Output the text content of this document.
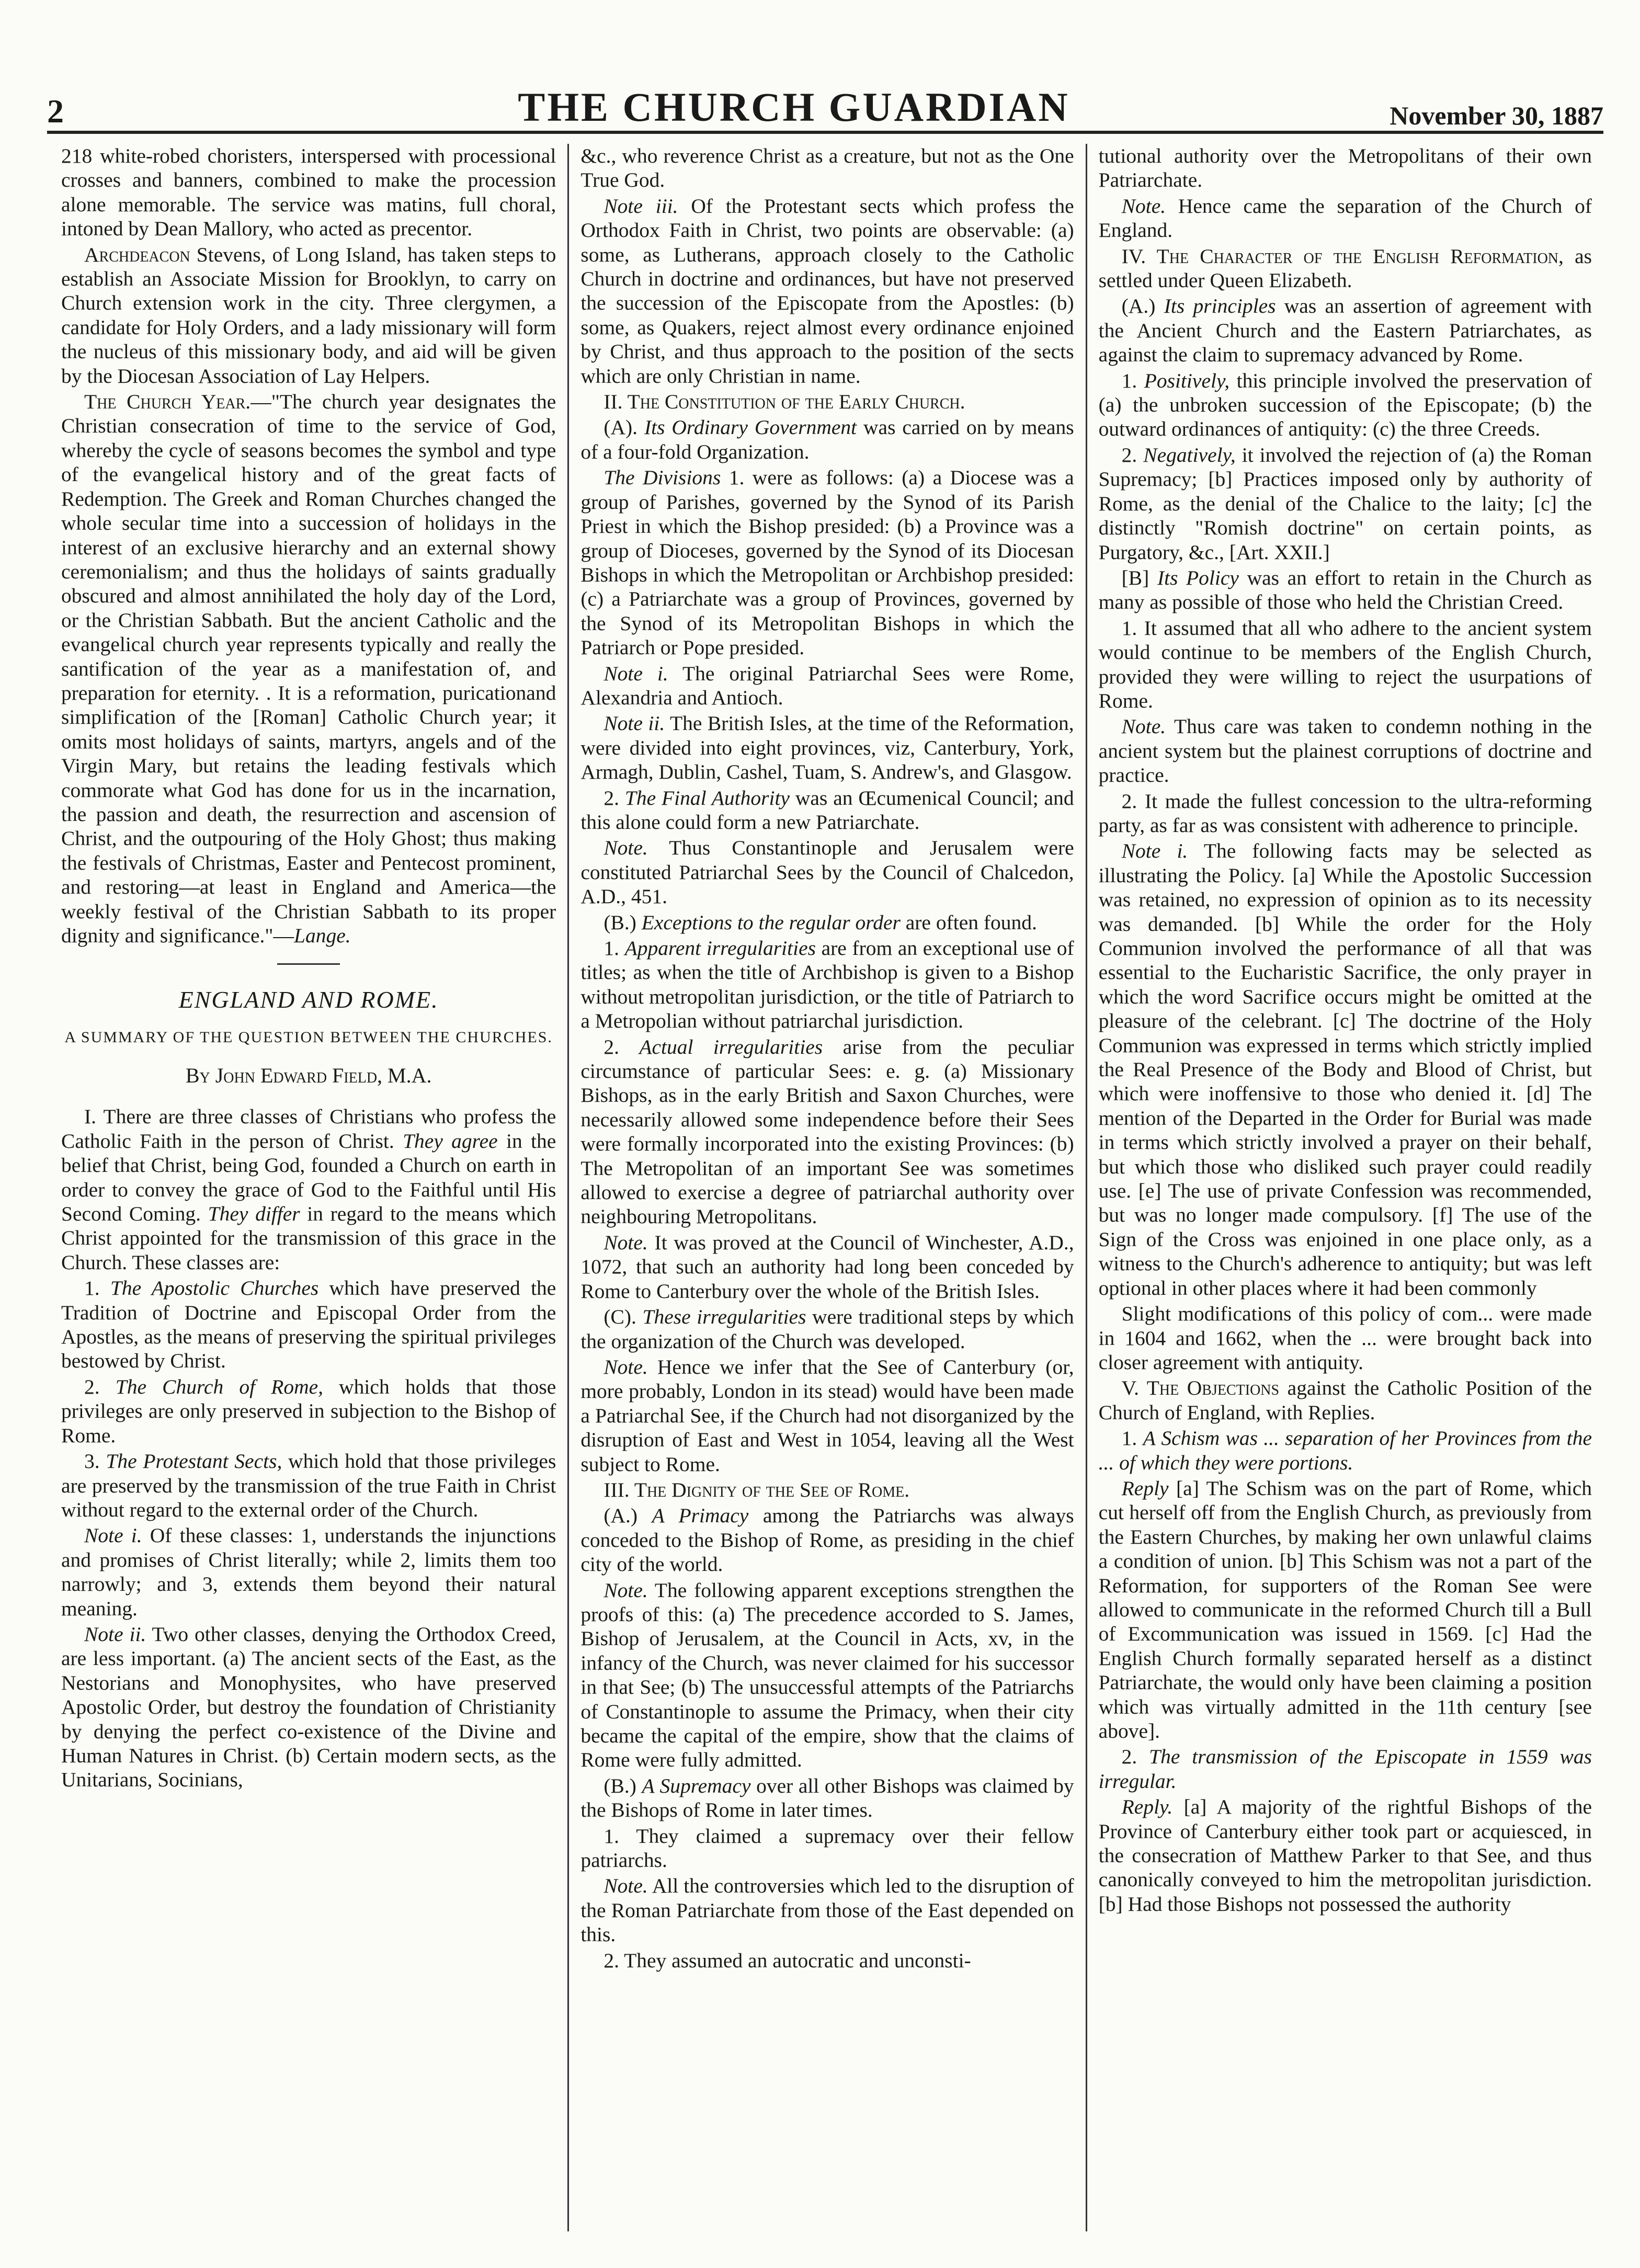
2	THE CHURCH GUARDIAN	November 30, 1887

218 white-robed choristers, interspersed with processional crosses and banners, combined to make the procession alone memorable. The service was matins, full choral, intoned by Dean Mallory, who acted as precentor.

Archdeacon Stevens, of Long Island, has taken steps to establish an Associate Mission for Brooklyn, to carry on Church extension work in the city. Three clergymen, a candidate for Holy Orders, and a lady missionary will form the nucleus of this missionary body, and aid will be given by the Diocesan Association of Lay Helpers.

The Church Year.—"The church year designates the Christian consecration of time to the service of God, whereby the cycle of seasons becomes the symbol and type of the evangelical history and of the great facts of Redemption. The Greek and Roman Churches changed the whole secular time into a succession of holidays in the interest of an exclusive hierarchy and an external showy ceremonialism; and thus the holidays of saints gradually obscured and almost annihilated the holy day of the Lord, or the Christian Sabbath. But the ancient Catholic and the evangelical church year represents typically and really the santification of the year as a manifestation of, and preparation for eternity. . It is a reformation, puricationand simplification of the [Roman] Catholic Church year; it omits most holidays of saints, martyrs, angels and of the Virgin Mary, but retains the leading festivals which commorate what God has done for us in the incarnation, the passion and death, the resurrection and ascension of Christ, and the outpouring of the Holy Ghost; thus making the festivals of Christmas, Easter and Pentecost prominent, and restoring—at least in England and America—the weekly festival of the Christian Sabbath to its proper dignity and significance."—Lange.

ENGLAND AND ROME.
A SUMMARY OF THE QUESTION BETWEEN THE CHURCHES.
By John Edward Field, M.A.

I. There are three classes of Christians who profess the Catholic Faith in the person of Christ. They agree in the belief that Christ, being God, founded a Church on earth in order to convey the grace of God to the Faithful until His Second Coming. They differ in regard to the means which Christ appointed for the transmission of this grace in the Church. These classes are:

1. The Apostolic Churches which have preserved the Tradition of Doctrine and Episcopal Order from the Apostles, as the means of preserving the spiritual privileges bestowed by Christ.

2. The Church of Rome, which holds that those privileges are only preserved in subjection to the Bishop of Rome.

3. The Protestant Sects, which hold that those privileges are preserved by the transmission of the true Faith in Christ without regard to the external order of the Church.

Note i. Of these classes: 1, understands the injunctions and promises of Christ literally; while 2, limits them too narrowly; and 3, extends them beyond their natural meaning.

Note ii. Two other classes, denying the Orthodox Creed, are less important. (a) The ancient sects of the East, as the Nestorians and Monophysites, who have preserved Apostolic Order, but destroy the foundation of Christianity by denying the perfect co-existence of the Divine and Human Natures in Christ. (b) Certain modern sects, as the Unitarians, Socinians,

&c., who reverence Christ as a creature, but not as the One True God.

Note iii. Of the Protestant sects which profess the Orthodox Faith in Christ, two points are observable: (a) some, as Lutherans, approach closely to the Catholic Church in doctrine and ordinances, but have not preserved the succession of the Episcopate from the Apostles: (b) some, as Quakers, reject almost every ordinance enjoined by Christ, and thus approach to the position of the sects which are only Christian in name.

II. The Constitution of the Early Church.

(A). Its Ordinary Government was carried on by means of a four-fold Organization.

The Divisions 1. were as follows: (a) a Diocese was a group of Parishes, governed by the Synod of its Parish Priest in which the Bishop presided: (b) a Province was a group of Dioceses, governed by the Synod of its Diocesan Bishops in which the Metropolitan or Archbishop presided: (c) a Patriarchate was a group of Provinces, governed by the Synod of its Metropolitan Bishops in which the Patriarch or Pope presided.

Note i. The original Patriarchal Sees were Rome, Alexandria and Antioch.

Note ii. The British Isles, at the time of the Reformation, were divided into eight provinces, viz, Canterbury, York, Armagh, Dublin, Cashel, Tuam, S. Andrew's, and Glasgow.

2. The Final Authority was an Œcumenical Council; and this alone could form a new Patriarchate.

Note. Thus Constantinople and Jerusalem were constituted Patriarchal Sees by the Council of Chalcedon, A.D., 451.

(B.) Exceptions to the regular order are often found.

1. Apparent irregularities are from an exceptional use of titles; as when the title of Archbishop is given to a Bishop without metropolitan jurisdiction, or the title of Patriarch to a Metropolian without patriarchal jurisdiction.

2. Actual irregularities arise from the peculiar circumstance of particular Sees: e. g. (a) Missionary Bishops, as in the early British and Saxon Churches, were necessarily allowed some independence before their Sees were formally incorporated into the existing Provinces: (b) The Metropolitan of an important See was sometimes allowed to exercise a degree of patriarchal authority over neighbouring Metropolitans.

Note. It was proved at the Council of Winchester, A.D., 1072, that such an authority had long been conceded by Rome to Canterbury over the whole of the British Isles.

(C). These irregularities were traditional steps by which the organization of the Church was developed.

Note. Hence we infer that the See of Canterbury (or, more probably, London in its stead) would have been made a Patriarchal See, if the Church had not disorganized by the disruption of East and West in 1054, leaving all the West subject to Rome.

III. The Dignity of the See of Rome.

(A.) A Primacy among the Patriarchs was always conceded to the Bishop of Rome, as presiding in the chief city of the world.

Note. The following apparent exceptions strengthen the proofs of this: (a) The precedence accorded to S. James, Bishop of Jerusalem, at the Council in Acts, xv, in the infancy of the Church, was never claimed for his successor in that See; (b) The unsuccessful attempts of the Patriarchs of Constantinople to assume the Primacy, when their city became the capital of the empire, show that the claims of Rome were fully admitted.

(B.) A Supremacy over all other Bishops was claimed by the Bishops of Rome in later times.

1. They claimed a supremacy over their fellow patriarchs.

Note. All the controversies which led to the disruption of the Roman Patriarchate from those of the East depended on this.

2. They assumed an autocratic and unconsti-

tutional authority over the Metropolitans of their own Patriarchate.

Note. Hence came the separation of the Church of England.

IV. The Character of the English Reformation, as settled under Queen Elizabeth.

(A.) Its principles was an assertion of agreement with the Ancient Church and the Eastern Patriarchates, as against the claim to supremacy advanced by Rome.

1. Positively, this principle involved the preservation of (a) the unbroken succession of the Episcopate; (b) the outward ordinances of antiquity: (c) the three Creeds.

2. Negatively, it involved the rejection of (a) the Roman Supremacy; [b] Practices imposed only by authority of Rome, as the denial of the Chalice to the laity; [c] the distinctly "Romish doctrine" on certain points, as Purgatory, &c., [Art. XXII.]

[B] Its Policy was an effort to retain in the Church as many as possible of those who held the Christian Creed.

1. It assumed that all who adhere to the ancient system would continue to be members of the English Church, provided they were willing to reject the usurpations of Rome.

Note. Thus care was taken to condemn nothing in the ancient system but the plainest corruptions of doctrine and practice.

2. It made the fullest concession to the ultra-reforming party, as far as was consistent with adherence to principle.

Note i. The following facts may be selected as illustrating the Policy. [a] While the Apostolic Succession was retained, no expression of opinion as to its necessity was demanded. [b] While the order for the Holy Communion involved the performance of all that was essential to the Eucharistic Sacrifice, the only prayer in which the word Sacrifice occurs might be omitted at the pleasure of the celebrant. [c] The doctrine of the Holy Communion was expressed in terms which strictly implied the Real Presence of the Body and Blood of Christ, but which were inoffensive to those who denied it. [d] The mention of the Departed in the Order for Burial was made in terms which strictly involved a prayer on their behalf, but which those who disliked such prayer could readily use. [e] The use of private Confession was recommended, but was no longer made compulsory. [f] The use of the Sign of the Cross was enjoined in one place only, as a witness to the Church's adherence to antiquity; but was left optional in other places where it had been commonly

Slight modifications of this policy of com... were made in 1604 and 1662, when the ... were brought back into closer agreement with antiquity.

V. The Objections against the Catholic Position of the Church of England, with Replies.

1. A Schism was ... separation of her Provinces from the ... of which they were portions.

Reply [a] The Schism was on the part of Rome, which cut herself off from the English Church, as previously from the Eastern Churches, by making her own unlawful claims a condition of union. [b] This Schism was not a part of the Reformation, for supporters of the Roman See were allowed to communicate in the reformed Church till a Bull of Excommunication was issued in 1569. [c] Had the English Church formally separated herself as a distinct Patriarchate, the would only have been claiming a position which was virtually admitted in the 11th century [see above].

2. The transmission of the Episcopate in 1559 was irregular.

Reply. [a] A majority of the rightful Bishops of the Province of Canterbury either took part or acquiesced, in the consecration of Matthew Parker to that See, and thus canonically conveyed to him the metropolitan jurisdiction. [b] Had those Bishops not possessed the authority
